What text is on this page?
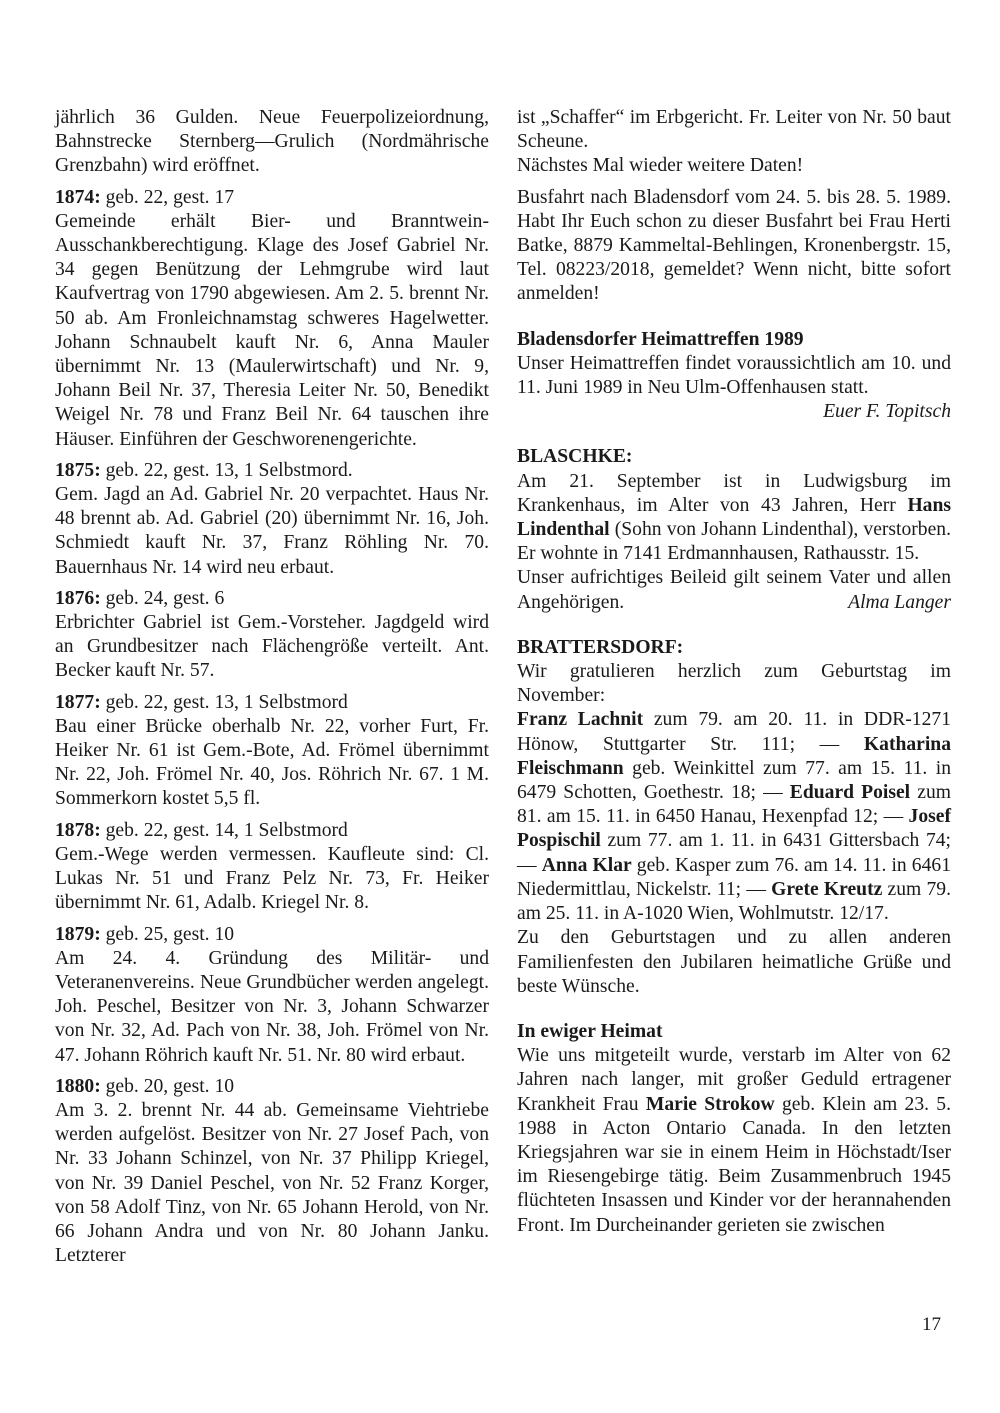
jährlich 36 Gulden. Neue Feuerpolizeiordnung, Bahnstrecke Sternberg—Grulich (Nordmährische Grenzbahn) wird eröffnet.

1874: geb. 22, gest. 17

Gemeinde erhält Bier- und Branntwein-Ausschankberechtigung. Klage des Josef Gabriel Nr. 34 gegen Benützung der Lehmgrube wird laut Kaufvertrag von 1790 abgewiesen. Am 2. 5. brennt Nr. 50 ab. Am Fronleichnamstag schweres Hagelwetter. Johann Schnaubelt kauft Nr. 6, Anna Mauler übernimmt Nr. 13 (Maulerwirtschaft) und Nr. 9, Johann Beil Nr. 37, Theresia Leiter Nr. 50, Benedikt Weigel Nr. 78 und Franz Beil Nr. 64 tauschen ihre Häuser. Einführen der Geschworenengerichte.

1875: geb. 22, gest. 13, 1 Selbstmord.

Gem. Jagd an Ad. Gabriel Nr. 20 verpachtet. Haus Nr. 48 brennt ab. Ad. Gabriel (20) übernimmt Nr. 16, Joh. Schmiedt kauft Nr. 37, Franz Röhling Nr. 70. Bauernhaus Nr. 14 wird neu erbaut.

1876: geb. 24, gest. 6

Erbrichter Gabriel ist Gem.-Vorsteher. Jagdgeld wird an Grundbesitzer nach Flächengröße verteilt. Ant. Becker kauft Nr. 57.

1877: geb. 22, gest. 13, 1 Selbstmord

Bau einer Brücke oberhalb Nr. 22, vorher Furt, Fr. Heiker Nr. 61 ist Gem.-Bote, Ad. Frömel übernimmt Nr. 22, Joh. Frömel Nr. 40, Jos. Röhrich Nr. 67. 1 M. Sommerkorn kostet 5,5 fl.

1878: geb. 22, gest. 14, 1 Selbstmord

Gem.-Wege werden vermessen. Kaufleute sind: Cl. Lukas Nr. 51 und Franz Pelz Nr. 73, Fr. Heiker übernimmt Nr. 61, Adalb. Kriegel Nr. 8.

1879: geb. 25, gest. 10

Am 24. 4. Gründung des Militär- und Veteranenvereins. Neue Grundbücher werden angelegt. Joh. Peschel, Besitzer von Nr. 3, Johann Schwarzer von Nr. 32, Ad. Pach von Nr. 38, Joh. Frömel von Nr. 47. Johann Röhrich kauft Nr. 51. Nr. 80 wird erbaut.

1880: geb. 20, gest. 10

Am 3. 2. brennt Nr. 44 ab. Gemeinsame Viehtriebe werden aufgelöst. Besitzer von Nr. 27 Josef Pach, von Nr. 33 Johann Schinzel, von Nr. 37 Philipp Kriegel, von Nr. 39 Daniel Peschel, von Nr. 52 Franz Korger, von 58 Adolf Tinz, von Nr. 65 Johann Herold, von Nr. 66 Johann Andra und von Nr. 80 Johann Janku. Letzterer

ist „Schaffer“ im Erbgericht. Fr. Leiter von Nr. 50 baut Scheune.

Nächstes Mal wieder weitere Daten!

Busfahrt nach Bladensdorf vom 24. 5. bis 28. 5. 1989. Habt Ihr Euch schon zu dieser Busfahrt bei Frau Herti Batke, 8879 Kammeltal-Behlingen, Kronenbergstr. 15, Tel. 08223/2018, gemeldet? Wenn nicht, bitte sofort anmelden!

Bladensdorfer Heimattreffen 1989

Unser Heimattreffen findet voraussichtlich am 10. und 11. Juni 1989 in Neu Ulm-Offenhausen statt.
Euer F. Topitsch

BLASCHKE:

Am 21. September ist in Ludwigsburg im Krankenhaus, im Alter von 43 Jahren, Herr Hans Lindenthal (Sohn von Johann Lindenthal), verstorben. Er wohnte in 7141 Erdmannhausen, Rathausstr. 15.

Unser aufrichtiges Beileid gilt seinem Vater und allen Angehörigen.	Alma Langer

BRATTERSDORF:

Wir gratulieren herzlich zum Geburtstag im November:

Franz Lachnit zum 79. am 20. 11. in DDR-1271 Hönow, Stuttgarter Str. 111; — Katharina Fleischmann geb. Weinkittel zum 77. am 15. 11. in 6479 Schotten, Goethestr. 18; — Eduard Poisel zum 81. am 15. 11. in 6450 Hanau, Hexenpfad 12; — Josef Pospischil zum 77. am 1. 11. in 6431 Gittersbach 74; — Anna Klar geb. Kasper zum 76. am 14. 11. in 6461 Niedermittlau, Nickelstr. 11; — Grete Kreutz zum 79. am 25. 11. in A-1020 Wien, Wohlmutstr. 12/17.

Zu den Geburtstagen und zu allen anderen Familienfesten den Jubilaren heimatliche Grüße und beste Wünsche.

In ewiger Heimat

Wie uns mitgeteilt wurde, verstarb im Alter von 62 Jahren nach langer, mit großer Geduld ertragener Krankheit Frau Marie Strokow geb. Klein am 23. 5. 1988 in Acton Ontario Canada. In den letzten Kriegsjahren war sie in einem Heim in Höchstadt/Iser im Riesengebirge tätig. Beim Zusammenbruch 1945 flüchteten Insassen und Kinder vor der herannahenden Front. Im Durcheinander gerieten sie zwischen

17
